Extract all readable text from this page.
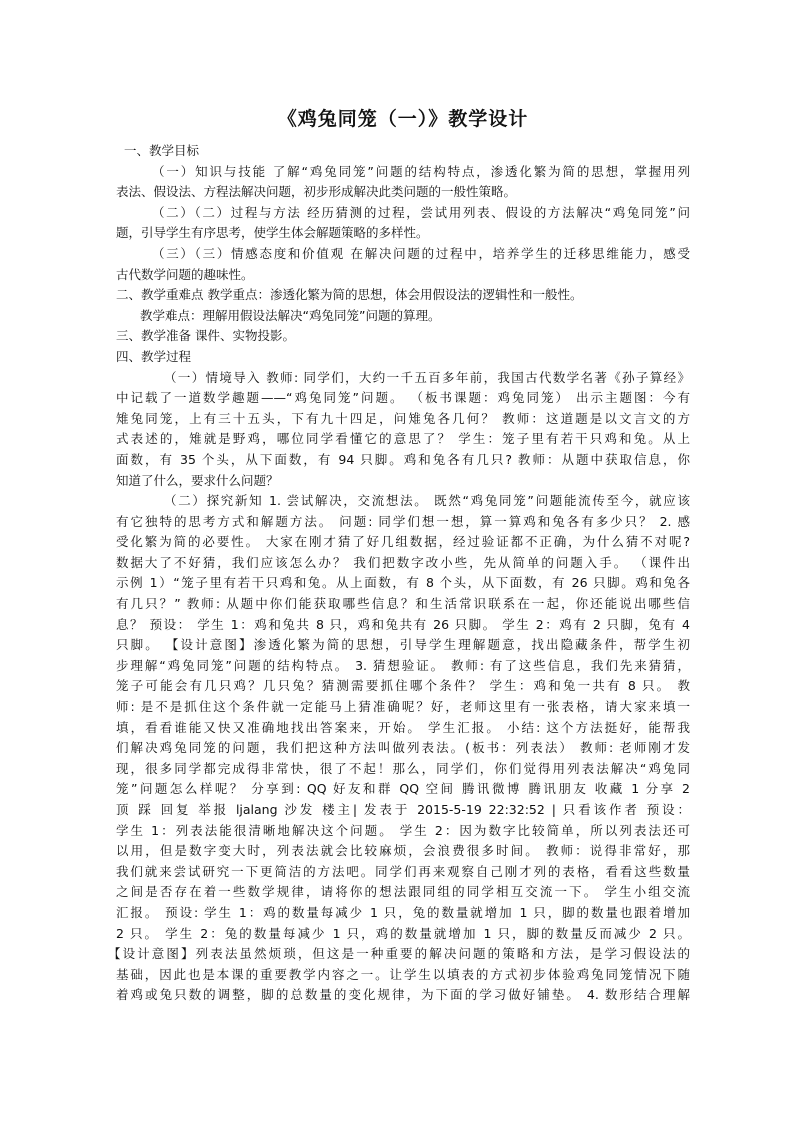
《鸡兔同笼（一）》教学设计
一、教学目标
（一）知识与技能 了解“鸡兔同笼”问题的结构特点，渗透化繁为简的思想，掌握用列
表法、假设法、方程法解决问题，初步形成解决此类问题的一般性策略。
（二）（二）过程与方法 经历猜测的过程，尝试用列表、假设的方法解决“鸡兔同笼”问
题，引导学生有序思考，使学生体会解题策略的多样性。
（三）（三）情感态度和价值观 在解决问题的过程中，培养学生的迁移思维能力，感受
古代数学问题的趣味性。
二、教学重难点 教学重点：渗透化繁为简的思想，体会用假设法的逻辑性和一般性。
教学难点：理解用假设法解决“鸡兔同笼”问题的算理。
三、教学准备 课件、实物投影。
四、教学过程
（一）情境导入 教师: 同学们，大约一千五百多年前，我国古代数学名著《孙子算经》
中记载了一道数学趣题——“鸡兔同笼”问题。 （板书课题：鸡兔同笼） 出示主题图：今有
雉兔同笼，上有三十五头，下有九十四足，问雉兔各几何？ 教师：这道题是以文言文的方
式表述的，雉就是野鸡，哪位同学看懂它的意思了？ 学生：笼子里有若干只鸡和兔。从上
面数，有 35 个头，从下面数，有 94 只脚。鸡和兔各有几只? 教师：从题中获取信息，你
知道了什么，要求什么问题？
（二）探究新知 1. 尝试解决，交流想法。 既然“鸡兔同笼”问题能流传至今，就应该
有它独特的思考方式和解题方法。 问题: 同学们想一想，算一算鸡和兔各有多少只？ 2. 感
受化繁为简的必要性。 大家在刚才猜了好几组数据，经过验证都不正确，为什么猜不对呢?
数据大了不好猜，我们应该怎么办？ 我们把数字改小些，先从简单的问题入手。 （课件出
示例 1）“笼子里有若干只鸡和兔。从上面数，有 8 个头，从下面数，有 26 只脚。鸡和兔各
有几只？” 教师: 从题中你们能获取哪些信息？和生活常识联系在一起，你还能说出哪些信
息？ 预设： 学生 1：鸡和兔共 8 只，鸡和兔共有 26 只脚。 学生 2：鸡有 2 只脚，兔有 4
只脚。 【设计意图】渗透化繁为简的思想，引导学生理解题意，找出隐藏条件，帮学生初
步理解“鸡兔同笼”问题的结构特点。 3. 猜想验证。 教师: 有了这些信息，我们先来猜猜，
笼子可能会有几只鸡？几只兔？猜测需要抓住哪个条件？ 学生：鸡和兔一共有 8 只。 教
师: 是不是抓住这个条件就一定能马上猜准确呢？好，老师这里有一张表格，请大家来填一
填，看看谁能又快又准确地找出答案来，开始。 学生汇报。 小结: 这个方法挺好，能帮我
们解决鸡兔同笼的问题，我们把这种方法叫做列表法。(板书：列表法） 教师: 老师刚才发
现，很多同学都完成得非常快，很了不起！那么，同学们，你们觉得用列表法解决“鸡兔同
笼”问题怎么样呢？ 分享到: QQ 好友和群 QQ 空间 腾讯微博 腾讯朋友 收藏 1 分享 2
顶 踩 回复 举报 ljalang 沙发 楼主| 发表于 2015-5-19 22:32:52 | 只看该作者 预设：
学生 1：列表法能很清晰地解决这个问题。 学生 2：因为数字比较简单，所以列表法还可
以用，但是数字变大时，列表法就会比较麻烦，会浪费很多时间。 教师：说得非常好，那
我们就来尝试研究一下更简洁的方法吧。同学们再来观察自己刚才列的表格，看看这些数量
之间是否存在着一些数学规律，请将你的想法跟同组的同学相互交流一下。 学生小组交流
汇报。 预设: 学生 1：鸡的数量每减少 1 只，兔的数量就增加 1 只，脚的数量也跟着增加
2 只。 学生 2：兔的数量每减少 1 只，鸡的数量就增加 1 只，脚的数量反而减少 2 只。
【设计意图】列表法虽然烦琐，但这是一种重要的解决问题的策略和方法，是学习假设法的
基础，因此也是本课的重要教学内容之一。让学生以填表的方式初步体验鸡兔同笼情况下随
着鸡或兔只数的调整，脚的总数量的变化规律，为下面的学习做好铺垫。 4. 数形结合理解
